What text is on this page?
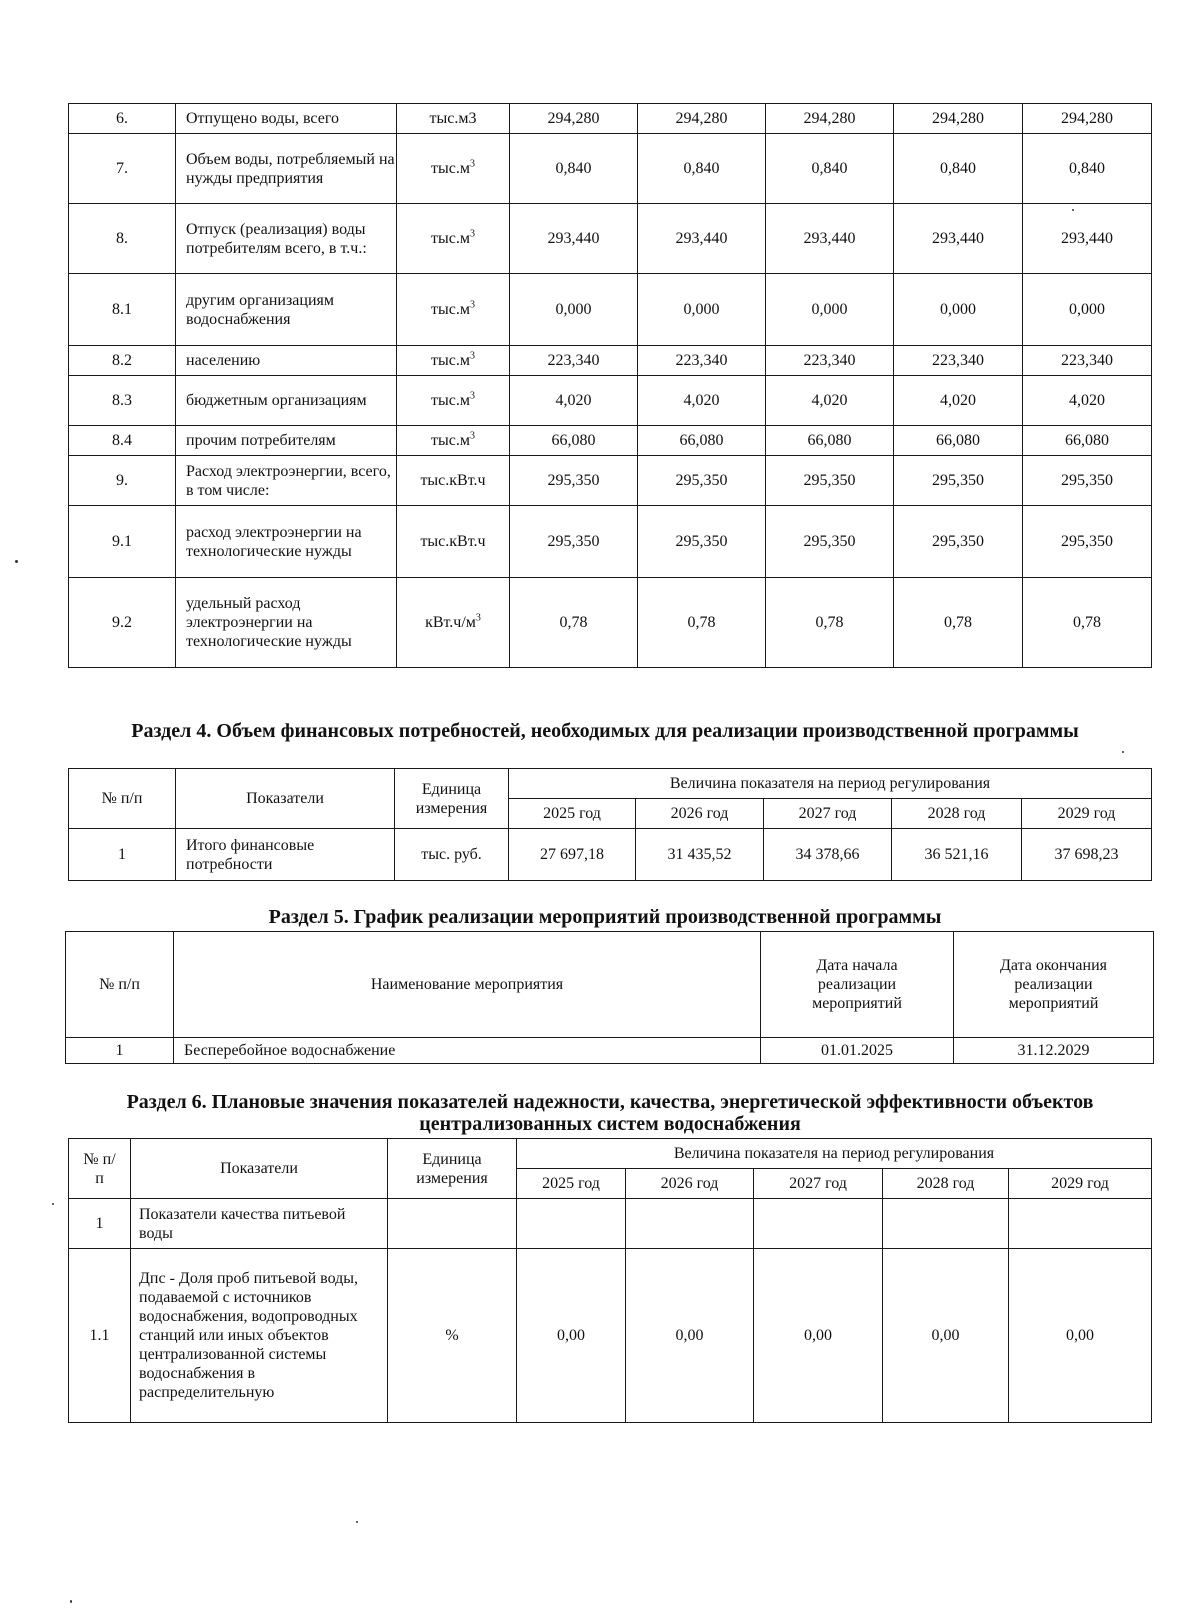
6.	Отпущено воды, всего	тыс.м3	294,280	294,280	294,280	294,280	294,280
7.	Объем воды, потребляемый на нужды предприятия	$тыс.м^3$	0,840	0,840	0,840	0,840	0,840
8.	Отпуск (реализация) воды потребителям всего, в т.ч.:	$тыс.м^3$	293,440	293,440	293,440	293,440	293,440
8.1	другим организациям водоснабжения	$тыс.м^3$	0,000	0,000	0,000	0,000	0,000
8.2	населению	$тыс.м^3$	223,340	223,340	223,340	223,340	223,340
8.3	бюджетным организациям	$тыс.м^3$	4,020	4,020	4,020	4,020	4,020
8.4	прочим потребителям	$тыс.м^3$	66,080	66,080	66,080	66,080	66,080
9.	Расход электроэнергии, всего, в том числе:	тыс.кВт.ч	295,350	295,350	295,350	295,350	295,350
9.1	расход электроэнергии на технологические нужды	тыс.кВт.ч	295,350	295,350	295,350	295,350	295,350
9.2	удельный расход электроэнергии на технологические нужды	$кВт.ч/м^3$	0,78	0,78	0,78	0,78	0,78
Раздел 4. Объем финансовых потребностей, необходимых для реализации производственной программы
№ п/п	Показатели	Единица измерения	Величина показателя на период регулирования				
			2025 год	2026 год	2027 год	2028 год	2029 год
1	Итого финансовые потребности	тыс. руб.	27 697,18	31 435,52	34 378,66	36 521,16	37 698,23
Раздел 5. График реализации мероприятий производственной программы
№ п/п	Наименование мероприятия	Дата начала реализации мероприятий	Дата окончания реализации мероприятий
1	Бесперебойное водоснабжение	01.01.2025	31.12.2029
Раздел 6. Плановые значения показателей надежности, качества, энергетической эффективности объектов централизованных систем водоснабжения
№ п/п	Показатели	Единица измерения	Величина показателя на период регулирования				
			2025 год	2026 год	2027 год	2028 год	2029 год
1	Показатели качества питьевой воды						
1.1	Дпс - Доля проб питьевой воды, подаваемой с источников водоснабжения, водопроводных станций или иных объектов централизованной системы водоснабжения в распределительную	%	0,00	0,00	0,00	0,00	0,00
